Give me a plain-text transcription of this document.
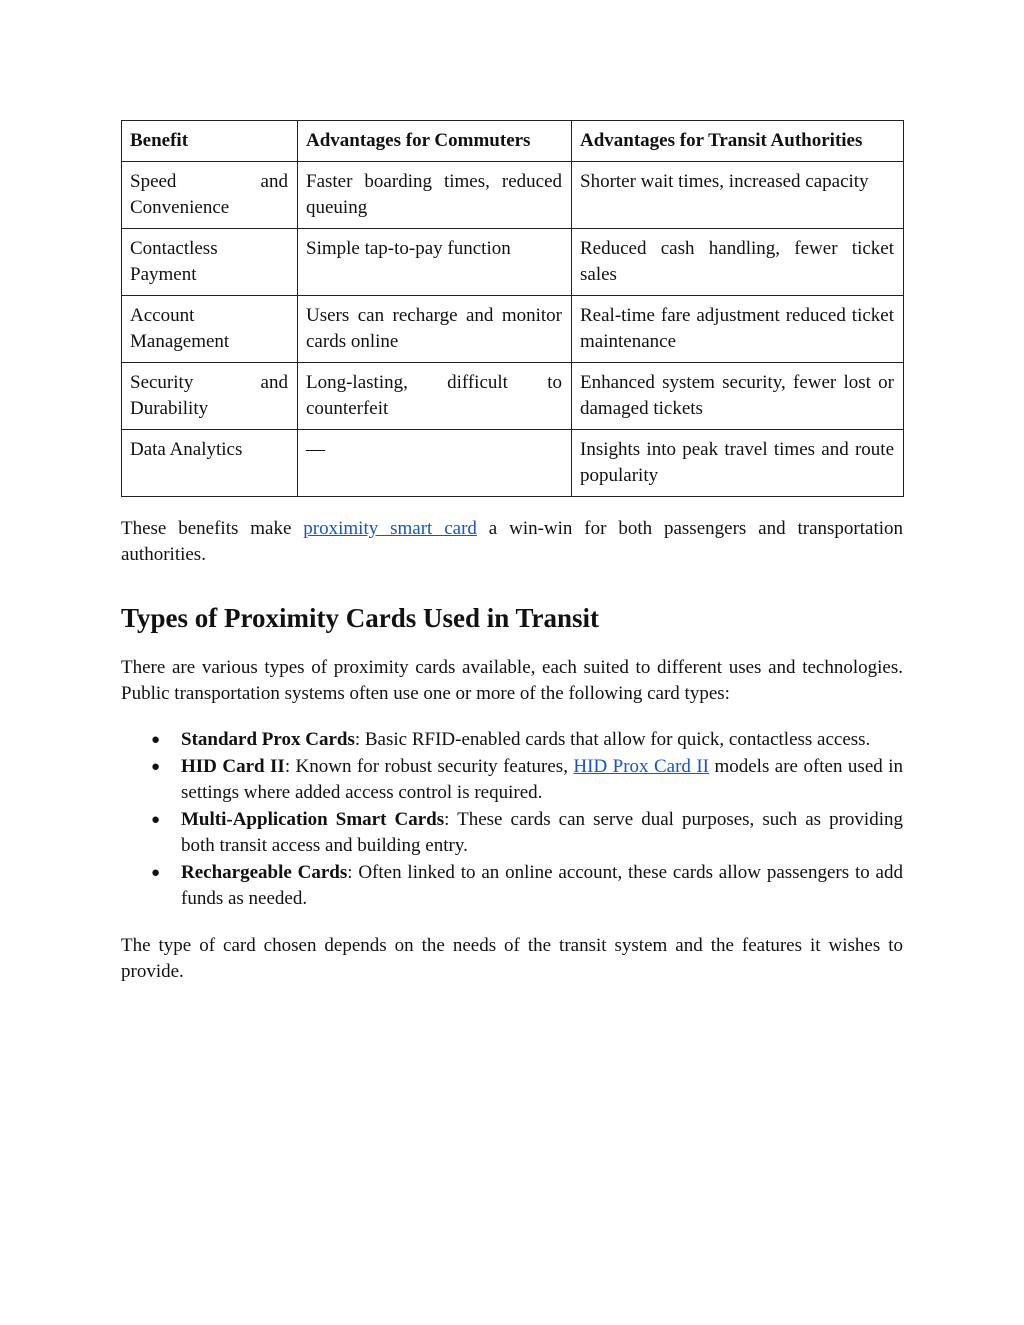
Benefit	Advantages for Commuters	Advantages for Transit Authorities
Speed and Convenience	Faster boarding times, reduced queuing	Shorter wait times, increased capacity
Contactless Payment	Simple tap-to-pay function	Reduced cash handling, fewer ticket sales
Account Management	Users can recharge and monitor cards online	Real-time fare adjustment reduced ticket maintenance
Security and Durability	Long-lasting, difficult to counterfeit	Enhanced system security, fewer lost or damaged tickets
Data Analytics	—	Insights into peak travel times and route popularity

These benefits make proximity smart card a win-win for both passengers and transportation authorities.

Types of Proximity Cards Used in Transit

There are various types of proximity cards available, each suited to different uses and technologies. Public transportation systems often use one or more of the following card types:

● Standard Prox Cards: Basic RFID-enabled cards that allow for quick, contactless access.
● HID Card II: Known for robust security features, HID Prox Card II models are often used in settings where added access control is required.
● Multi-Application Smart Cards: These cards can serve dual purposes, such as providing both transit access and building entry.
● Rechargeable Cards: Often linked to an online account, these cards allow passengers to add funds as needed.

The type of card chosen depends on the needs of the transit system and the features it wishes to provide.
